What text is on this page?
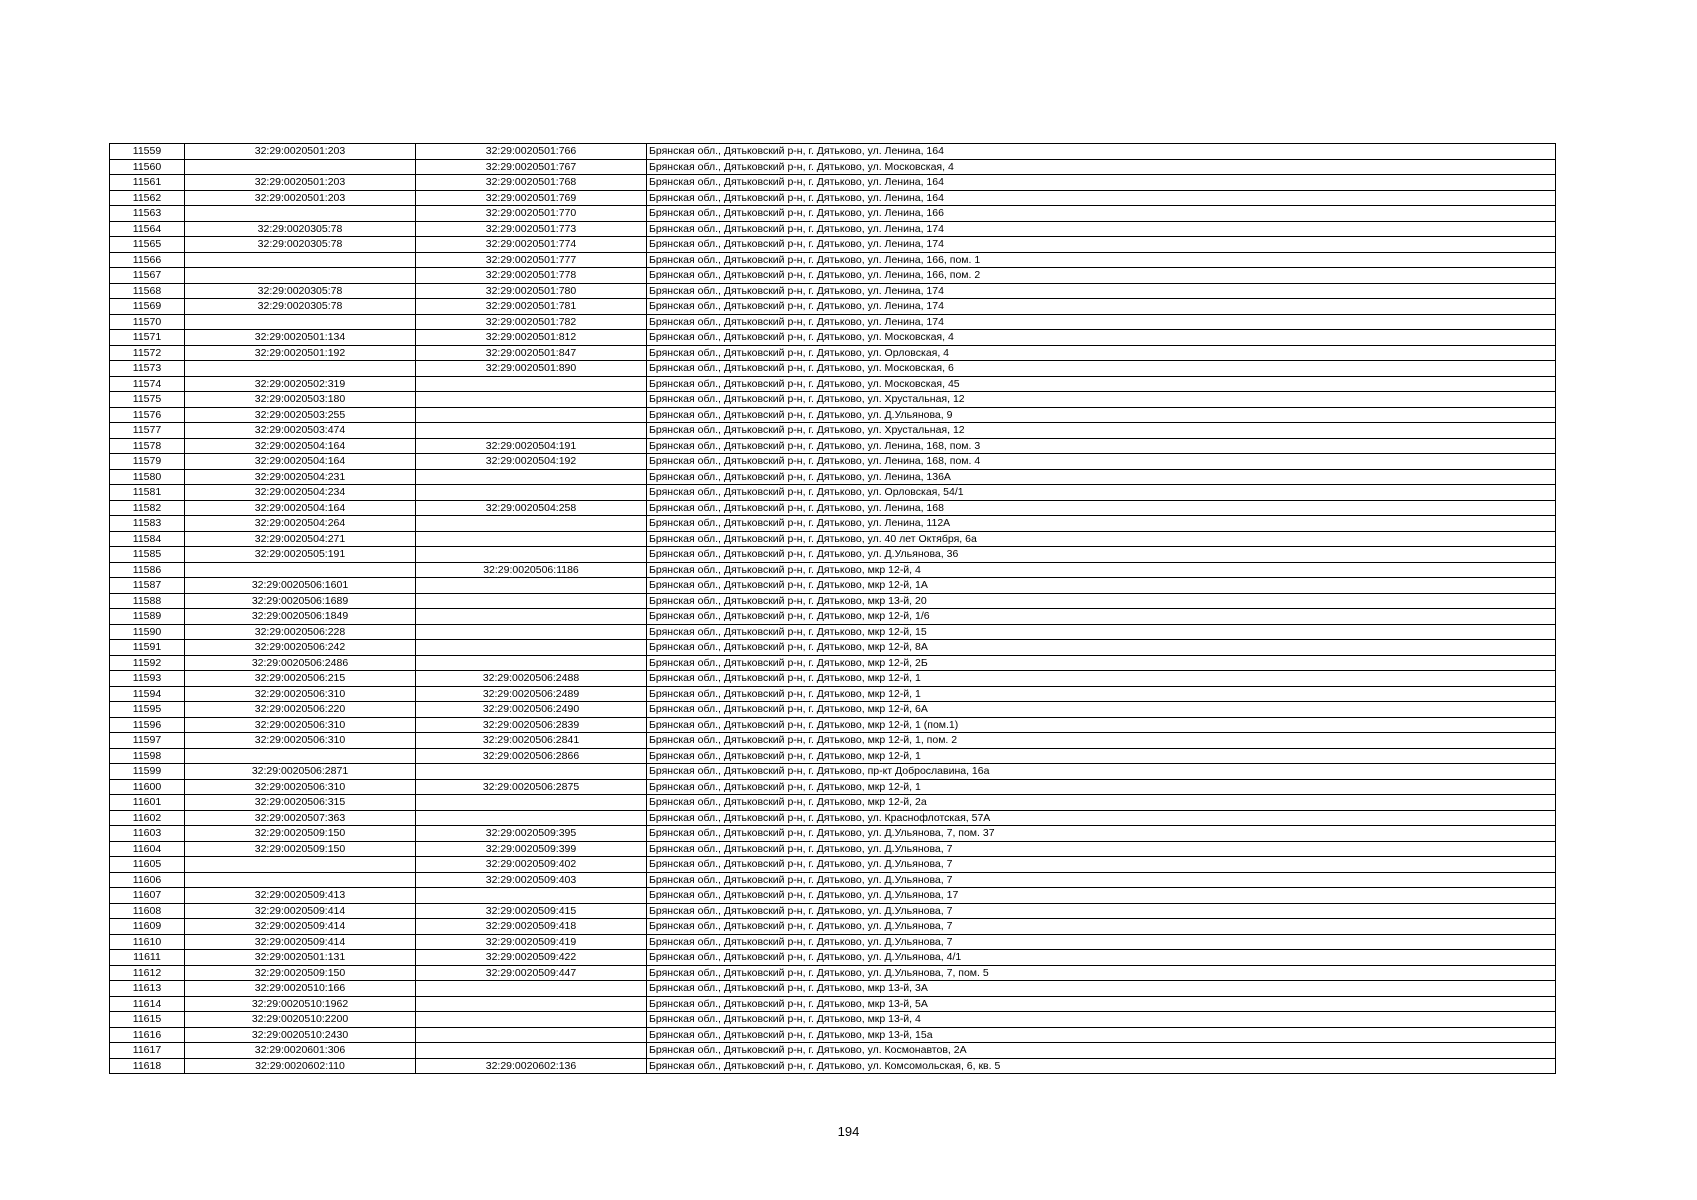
11559	32:29:0020501:203	32:29:0020501:766	Брянская обл., Дятьковский р-н, г. Дятьково, ул. Ленина, 164
11560		32:29:0020501:767	Брянская обл., Дятьковский р-н, г. Дятьково, ул. Московская, 4
11561	32:29:0020501:203	32:29:0020501:768	Брянская обл., Дятьковский р-н, г. Дятьково, ул. Ленина, 164
11562	32:29:0020501:203	32:29:0020501:769	Брянская обл., Дятьковский р-н, г. Дятьково, ул. Ленина, 164
11563		32:29:0020501:770	Брянская обл., Дятьковский р-н, г. Дятьково, ул. Ленина, 166
11564	32:29:0020305:78	32:29:0020501:773	Брянская обл., Дятьковский р-н, г. Дятьково, ул. Ленина, 174
11565	32:29:0020305:78	32:29:0020501:774	Брянская обл., Дятьковский р-н, г. Дятьково, ул. Ленина, 174
11566		32:29:0020501:777	Брянская обл., Дятьковский р-н, г. Дятьково, ул. Ленина, 166, пом. 1
11567		32:29:0020501:778	Брянская обл., Дятьковский р-н, г. Дятьково, ул. Ленина, 166, пом. 2
11568	32:29:0020305:78	32:29:0020501:780	Брянская обл., Дятьковский р-н, г. Дятьково, ул. Ленина, 174
11569	32:29:0020305:78	32:29:0020501:781	Брянская обл., Дятьковский р-н, г. Дятьково, ул. Ленина, 174
11570		32:29:0020501:782	Брянская обл., Дятьковский р-н, г. Дятьково, ул. Ленина, 174
11571	32:29:0020501:134	32:29:0020501:812	Брянская обл., Дятьковский р-н, г. Дятьково, ул. Московская, 4
11572	32:29:0020501:192	32:29:0020501:847	Брянская обл., Дятьковский р-н, г. Дятьково, ул. Орловская, 4
11573		32:29:0020501:890	Брянская обл., Дятьковский р-н, г. Дятьково, ул. Московская, 6
11574	32:29:0020502:319		Брянская обл., Дятьковский р-н, г. Дятьково, ул. Московская, 45
11575	32:29:0020503:180		Брянская обл., Дятьковский р-н, г. Дятьково, ул. Хрустальная, 12
11576	32:29:0020503:255		Брянская обл., Дятьковский р-н, г. Дятьково, ул. Д.Ульянова, 9
11577	32:29:0020503:474		Брянская обл., Дятьковский р-н, г. Дятьково, ул. Хрустальная, 12
11578	32:29:0020504:164	32:29:0020504:191	Брянская обл., Дятьковский р-н, г. Дятьково, ул. Ленина, 168, пом. 3
11579	32:29:0020504:164	32:29:0020504:192	Брянская обл., Дятьковский р-н, г. Дятьково, ул. Ленина, 168, пом. 4
11580	32:29:0020504:231		Брянская обл., Дятьковский р-н, г. Дятьково, ул. Ленина, 136А
11581	32:29:0020504:234		Брянская обл., Дятьковский р-н, г. Дятьково, ул. Орловская, 54/1
11582	32:29:0020504:164	32:29:0020504:258	Брянская обл., Дятьковский р-н, г. Дятьково, ул. Ленина, 168
11583	32:29:0020504:264		Брянская обл., Дятьковский р-н, г. Дятьково, ул. Ленина, 112А
11584	32:29:0020504:271		Брянская обл., Дятьковский р-н, г. Дятьково, ул. 40 лет Октября, 6а
11585	32:29:0020505:191		Брянская обл., Дятьковский р-н, г. Дятьково, ул. Д.Ульянова, 36
11586		32:29:0020506:1186	Брянская обл., Дятьковский р-н, г. Дятьково, мкр 12-й, 4
11587	32:29:0020506:1601		Брянская обл., Дятьковский р-н, г. Дятьково, мкр 12-й, 1А
11588	32:29:0020506:1689		Брянская обл., Дятьковский р-н, г. Дятьково, мкр 13-й, 20
11589	32:29:0020506:1849		Брянская обл., Дятьковский р-н, г. Дятьково, мкр 12-й, 1/6
11590	32:29:0020506:228		Брянская обл., Дятьковский р-н, г. Дятьково, мкр 12-й, 15
11591	32:29:0020506:242		Брянская обл., Дятьковский р-н, г. Дятьково, мкр 12-й, 8А
11592	32:29:0020506:2486		Брянская обл., Дятьковский р-н, г. Дятьково, мкр 12-й, 2Б
11593	32:29:0020506:215	32:29:0020506:2488	Брянская обл., Дятьковский р-н, г. Дятьково, мкр 12-й, 1
11594	32:29:0020506:310	32:29:0020506:2489	Брянская обл., Дятьковский р-н, г. Дятьково, мкр 12-й, 1
11595	32:29:0020506:220	32:29:0020506:2490	Брянская обл., Дятьковский р-н, г. Дятьково, мкр 12-й, 6А
11596	32:29:0020506:310	32:29:0020506:2839	Брянская обл., Дятьковский р-н, г. Дятьково, мкр 12-й, 1 (пом.1)
11597	32:29:0020506:310	32:29:0020506:2841	Брянская обл., Дятьковский р-н, г. Дятьково, мкр 12-й, 1, пом. 2
11598		32:29:0020506:2866	Брянская обл., Дятьковский р-н, г. Дятьково, мкр 12-й, 1
11599	32:29:0020506:2871		Брянская обл., Дятьковский р-н, г. Дятьково, пр-кт Доброславина, 16а
11600	32:29:0020506:310	32:29:0020506:2875	Брянская обл., Дятьковский р-н, г. Дятьково, мкр 12-й, 1
11601	32:29:0020506:315		Брянская обл., Дятьковский р-н, г. Дятьково, мкр 12-й, 2а
11602	32:29:0020507:363		Брянская обл., Дятьковский р-н, г. Дятьково, ул. Краснофлотская, 57А
11603	32:29:0020509:150	32:29:0020509:395	Брянская обл., Дятьковский р-н, г. Дятьково, ул. Д.Ульянова, 7, пом. 37
11604	32:29:0020509:150	32:29:0020509:399	Брянская обл., Дятьковский р-н, г. Дятьково, ул. Д.Ульянова, 7
11605		32:29:0020509:402	Брянская обл., Дятьковский р-н, г. Дятьково, ул. Д.Ульянова, 7
11606		32:29:0020509:403	Брянская обл., Дятьковский р-н, г. Дятьково, ул. Д.Ульянова, 7
11607	32:29:0020509:413		Брянская обл., Дятьковский р-н, г. Дятьково, ул. Д.Ульянова, 17
11608	32:29:0020509:414	32:29:0020509:415	Брянская обл., Дятьковский р-н, г. Дятьково, ул. Д.Ульянова, 7
11609	32:29:0020509:414	32:29:0020509:418	Брянская обл., Дятьковский р-н, г. Дятьково, ул. Д.Ульянова, 7
11610	32:29:0020509:414	32:29:0020509:419	Брянская обл., Дятьковский р-н, г. Дятьково, ул. Д.Ульянова, 7
11611	32:29:0020501:131	32:29:0020509:422	Брянская обл., Дятьковский р-н, г. Дятьково, ул. Д.Ульянова, 4/1
11612	32:29:0020509:150	32:29:0020509:447	Брянская обл., Дятьковский р-н, г. Дятьково, ул. Д.Ульянова, 7, пом. 5
11613	32:29:0020510:166		Брянская обл., Дятьковский р-н, г. Дятьково, мкр 13-й, 3А
11614	32:29:0020510:1962		Брянская обл., Дятьковский р-н, г. Дятьково, мкр 13-й, 5А
11615	32:29:0020510:2200		Брянская обл., Дятьковский р-н, г. Дятьково, мкр 13-й, 4
11616	32:29:0020510:2430		Брянская обл., Дятьковский р-н, г. Дятьково, мкр 13-й, 15а
11617	32:29:0020601:306		Брянская обл., Дятьковский р-н, г. Дятьково, ул. Космонавтов, 2А
11618	32:29:0020602:110	32:29:0020602:136	Брянская обл., Дятьковский р-н, г. Дятьково, ул. Комсомольская, 6, кв. 5
194
